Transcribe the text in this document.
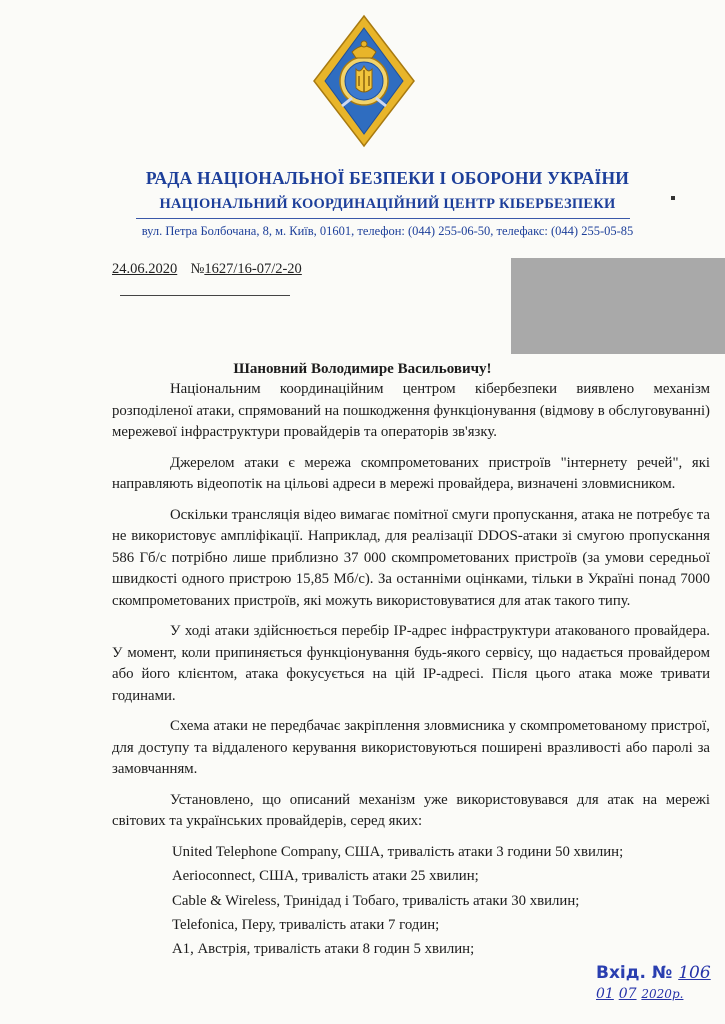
РАДА НАЦІОНАЛЬНОЇ БЕЗПЕКИ І ОБОРОНИ УКРАЇНИ
НАЦІОНАЛЬНИЙ КООРДИНАЦІЙНИЙ ЦЕНТР КІБЕРБЕЗПЕКИ
вул. Петра Болбочана, 8, м. Київ, 01601, телефон: (044) 255-06-50, телефакс: (044) 255-05-85
24.06.2020 №1627/16-07/2-20
Шановний Володимире Васильовичу!

Національним координаційним центром кібербезпеки виявлено механізм розподіленої атаки, спрямований на пошкодження функціонування (відмову в обслуговуванні) мережевої інфраструктури провайдерів та операторів зв'язку.

Джерелом атаки є мережа скомпрометованих пристроїв "інтернету речей", які направляють відеопотік на цільові адреси в мережі провайдера, визначені зловмисником.

Оскільки трансляція відео вимагає помітної смуги пропускання, атака не потребує та не використовує ампліфікації. Наприклад, для реалізації DDOS-атаки зі смугою пропускання 586 Гб/с потрібно лише приблизно 37 000 скомпрометованих пристроїв (за умови середньої швидкості одного пристрою 15,85 Мб/с). За останніми оцінками, тільки в Україні понад 7000 скомпрометованих пристроїв, які можуть використовуватися для атак такого типу.

У ході атаки здійснюється перебір IP-адрес інфраструктури атакованого провайдера. У момент, коли припиняється функціонування будь-якого сервісу, що надається провайдером або його клієнтом, атака фокусується на цій IP-адресі. Після цього атака може тривати годинами.

Схема атаки не передбачає закріплення зловмисника у скомпрометованому пристрої, для доступу та віддаленого керування використовуються поширені вразливості або паролі за замовчанням.

Установлено, що описаний механізм уже використовувався для атак на мережі світових та українських провайдерів, серед яких:

United Telephone Company, США, тривалість атаки 3 години 50 хвилин;
Aerioconnect, США, тривалість атаки 25 хвилин;
Cable & Wireless, Тринідад і Тобаго, тривалість атаки 30 хвилин;
Telefonica, Перу, тривалість атаки 7 годин;
A1, Австрія, тривалість атаки 8 годин 5 хвилин;
Вхід. № 106
01 07 2020р.
